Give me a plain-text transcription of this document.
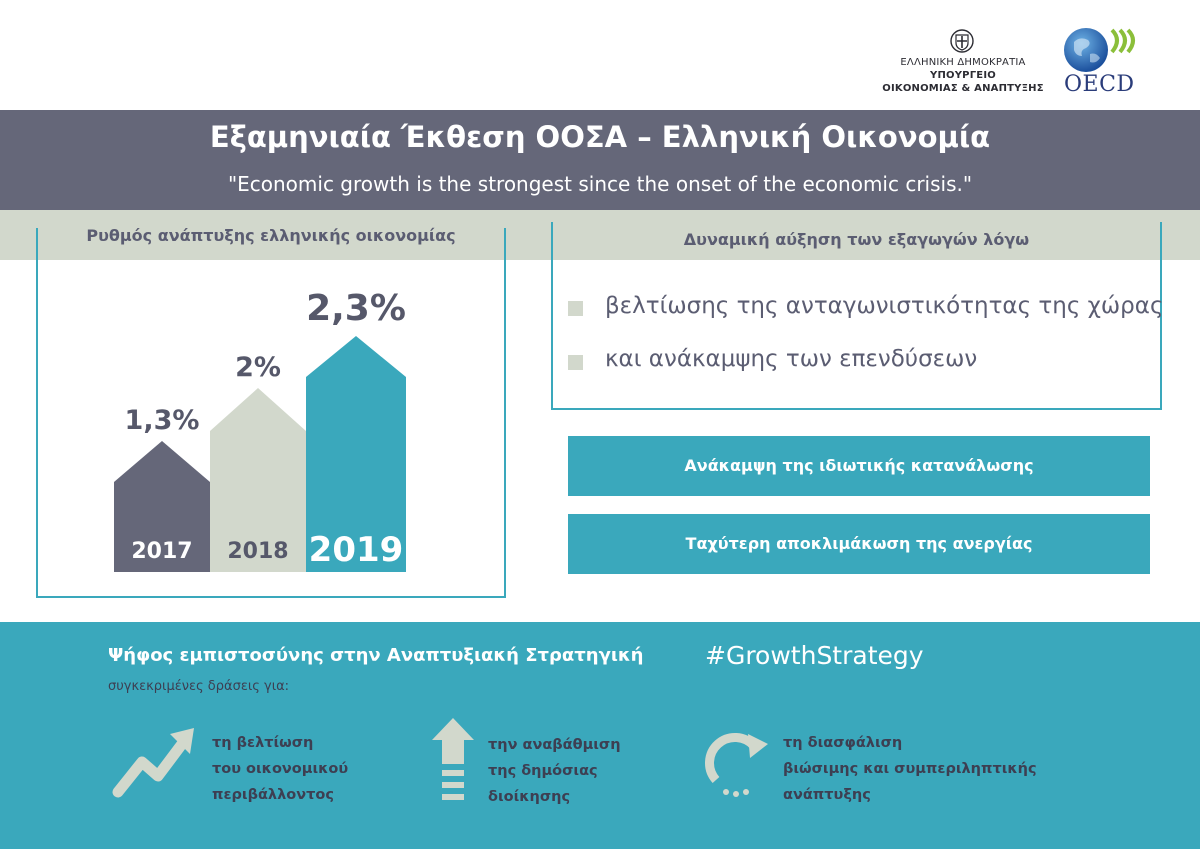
ΕΛΛΗΝΙΚΗ ΔΗΜΟΚΡΑΤΙΑ
ΥΠΟΥΡΓΕΙΟ
ΟΙΚΟΝΟΜΙΑΣ & ΑΝΑΠΤΥΞΗΣ OECD
Εξαμηνιαία Έκθεση ΟΟΣΑ – Ελληνική Οικονομία
"Economic growth is the strongest since the onset of the economic crisis."
Ρυθμός ανάπτυξης ελληνικής οικονομίας
1,3%
2%
2,3%
2017	2018 2019
Δυναμική αύξηση των εξαγωγών λόγω
βελτίωσης της ανταγωνιστικότητας της χώρας
και ανάκαμψης των επενδύσεων
Ανάκαμψη της ιδιωτικής κατανάλωσης
Ταχύτερη αποκλιμάκωση της ανεργίας
Ψήφος εμπιστοσύνης στην Αναπτυξιακή Στρατηγική #GrowthStrategy
συγκεκριμένες δράσεις για:
τη βελτίωση
του οικονομικού
περιβάλλοντος
την αναβάθμιση
της δημόσιας
διοίκησης
τη διασφάλιση
βιώσιμης και συμπεριληπτικής
ανάπτυξης
